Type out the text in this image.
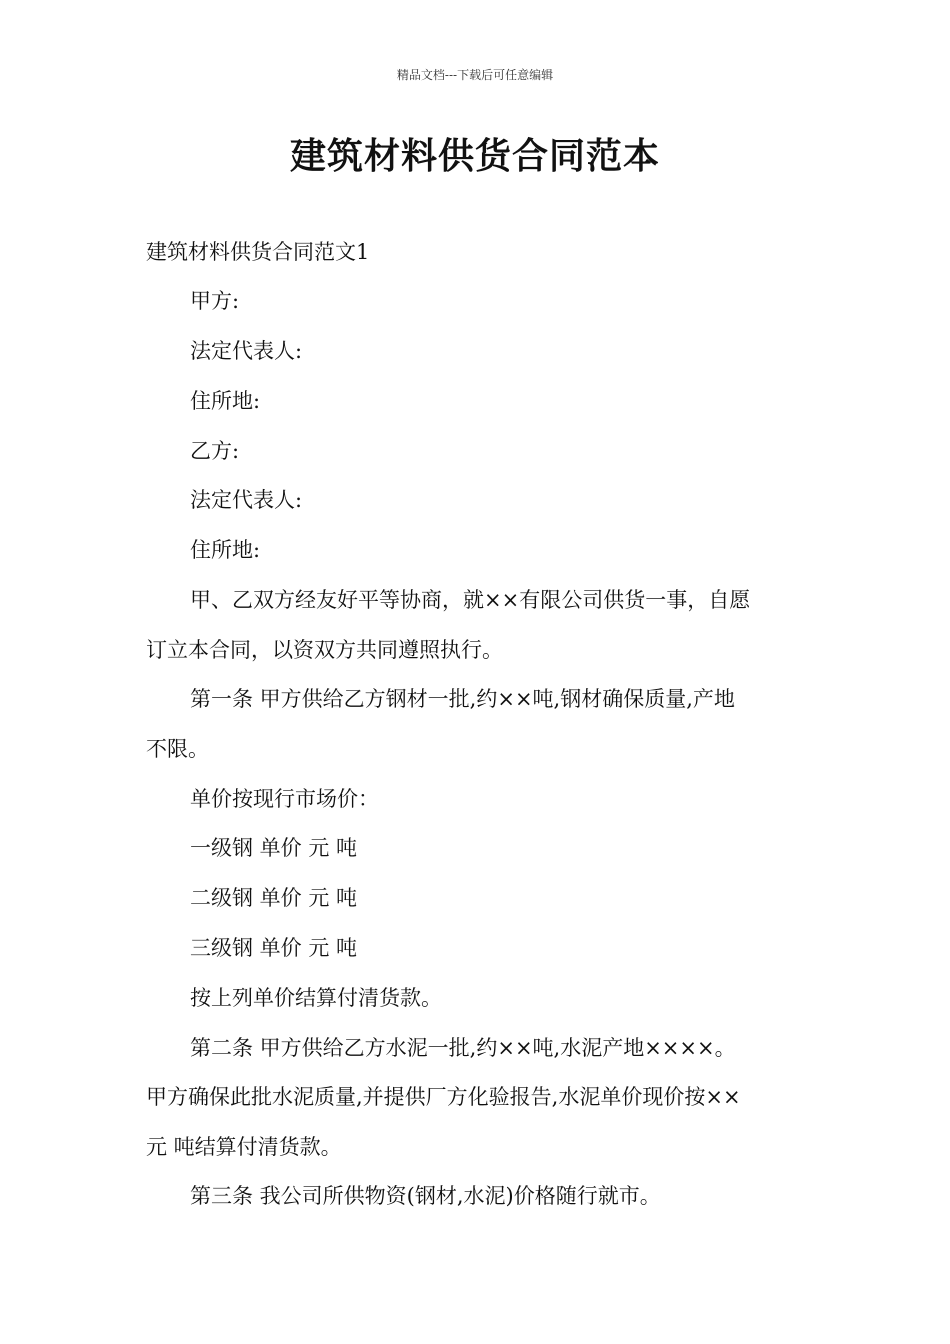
精品文档---下载后可任意编辑
建筑材料供货合同范本
建筑材料供货合同范文1
甲方:
法定代表人:
住所地:
乙方:
法定代表人:
住所地:
甲、乙双方经友好平等协商，就××有限公司供货一事，自愿
订立本合同，以资双方共同遵照执行。
第一条 甲方供给乙方钢材一批,约××吨,钢材确保质量,产地
不限。
单价按现行市场价：
一级钢 单价 元 吨
二级钢 单价 元 吨
三级钢 单价 元 吨
按上列单价结算付清货款。
第二条 甲方供给乙方水泥一批,约××吨,水泥产地××××。
甲方确保此批水泥质量,并提供厂方化验报告,水泥单价现价按××
元 吨结算付清货款。
第三条 我公司所供物资(钢材,水泥)价格随行就市。
